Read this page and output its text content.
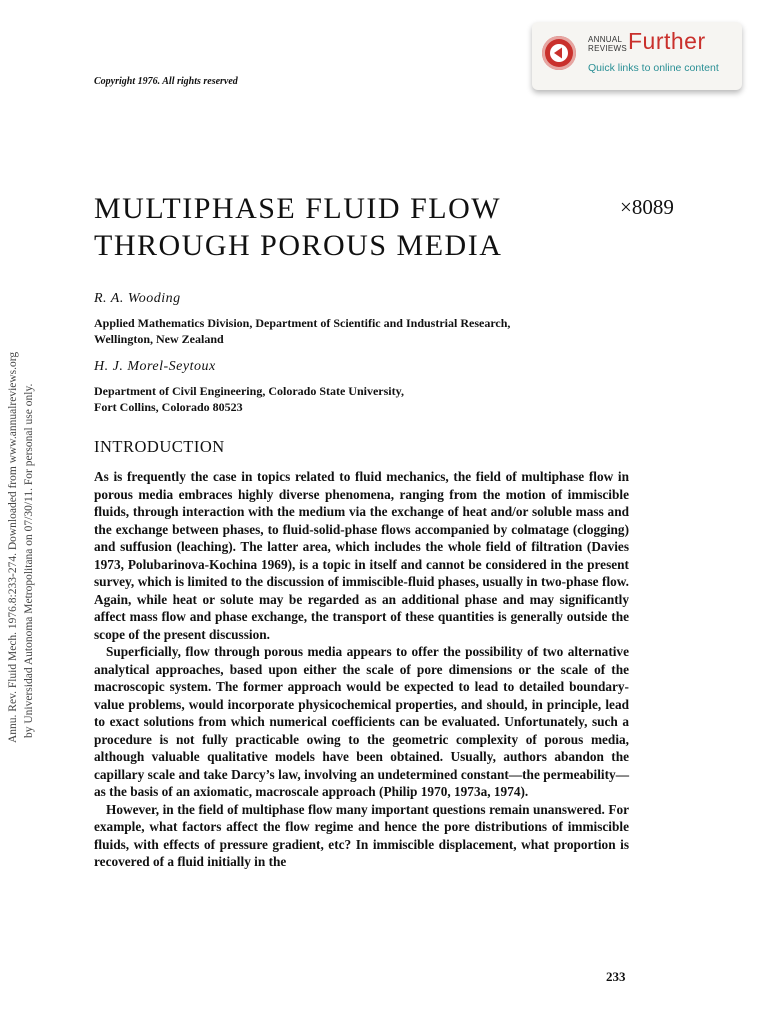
Copyright 1976. All rights reserved
ANNUAL
REVIEWS Further
Quick links to online content
Annu. Rev. Fluid Mech. 1976.8:233-274. Downloaded from www.annualreviews.org by Universidad Autonoma Metropolitana on 07/30/11. For personal use only.
MULTIPHASE FLUID FLOW
THROUGH POROUS MEDIA
×8089
R. A. Wooding
Applied Mathematics Division, Department of Scientific and Industrial Research,
Wellington, New Zealand
H. J. Morel-Seytoux
Department of Civil Engineering, Colorado State University,
Fort Collins, Colorado 80523
INTRODUCTION

As is frequently the case in topics related to fluid mechanics, the field of multiphase flow in porous media embraces highly diverse phenomena, ranging from the motion of immiscible fluids, through interaction with the medium via the exchange of heat and/or soluble mass and the exchange between phases, to fluid-solid-phase flows accompanied by colmatage (clogging) and suffusion (leaching). The latter area, which includes the whole field of filtration (Davies 1973, Polubarinova-Kochina 1969), is a topic in itself and cannot be considered in the present survey, which is limited to the discussion of immiscible-fluid phases, usually in two-phase flow. Again, while heat or solute may be regarded as an additional phase and may significantly affect mass flow and phase exchange, the transport of these quantities is generally outside the scope of the present discussion.

Superficially, flow through porous media appears to offer the possibility of two alternative analytical approaches, based upon either the scale of pore dimensions or the scale of the macroscopic system. The former approach would be expected to lead to detailed boundary-value problems, would incorporate physicochemical properties, and should, in principle, lead to exact solutions from which numerical coefficients can be evaluated. Unfortunately, such a procedure is not fully practicable owing to the geometric complexity of porous media, although valuable qualitative models have been obtained. Usually, authors abandon the capillary scale and take Darcy’s law, involving an undetermined constant—the permeability—as the basis of an axiomatic, macroscale approach (Philip 1970, 1973a, 1974).

However, in the field of multiphase flow many important questions remain unanswered. For example, what factors affect the flow regime and hence the pore distributions of immiscible fluids, with effects of pressure gradient, etc? In immiscible displacement, what proportion is recovered of a fluid initially in the

233
